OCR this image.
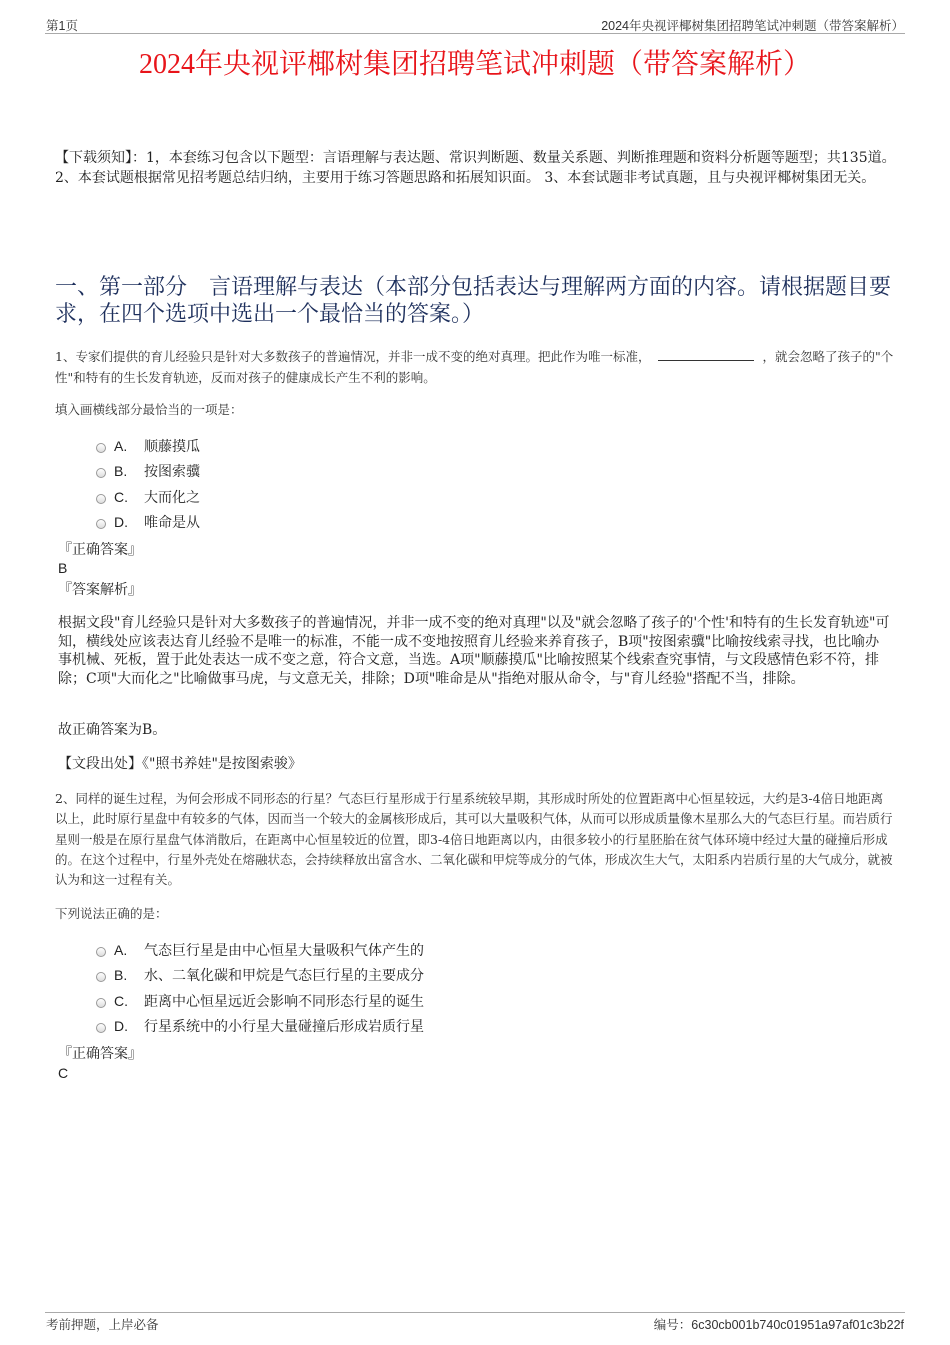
第1页	2024年央视评椰树集团招聘笔试冲刺题（带答案解析）
2024年央视评椰树集团招聘笔试冲刺题（带答案解析）
【下载须知】：1，本套练习包含以下题型：言语理解与表达题、常识判断题、数量关系题、判断推理题和资料分析题等题型；共135道。 2、本套试题根据常见招考题总结归纳，主要用于练习答题思路和拓展知识面。 3、本套试题非考试真题，且与央视评椰树集团无关。
一、第一部分　言语理解与表达（本部分包括表达与理解两方面的内容。请根据题目要求，在四个选项中选出一个最恰当的答案。）
1、专家们提供的育儿经验只是针对大多数孩子的普遍情况，并非一成不变的绝对真理。把此作为唯一标准，	，就会忽略了孩子的"个性"和特有的生长发育轨迹，反而对孩子的健康成长产生不利的影响。
填入画横线部分最恰当的一项是：
A.	顺藤摸瓜
B.	按图索骥
C.	大而化之
D.	唯命是从
『正确答案』
B
『答案解析』
根据文段"育儿经验只是针对大多数孩子的普遍情况，并非一成不变的绝对真理"以及"就会忽略了孩子的'个性'和特有的生长发育轨迹"可知，横线处应该表达育儿经验不是唯一的标准，不能一成不变地按照育儿经验来养育孩子，B项"按图索骥"比喻按线索寻找，也比喻办事机械、死板，置于此处表达一成不变之意，符合文意，当选。A项"顺藤摸瓜"比喻按照某个线索查究事情，与文段感情色彩不符，排除；C项"大而化之"比喻做事马虎，与文意无关，排除；D项"唯命是从"指绝对服从命令，与"育儿经验"搭配不当，排除。
故正确答案为B。
【文段出处】《"照书养娃"是按图索骏》
2、同样的诞生过程，为何会形成不同形态的行星？气态巨行星形成于行星系统较早期，其形成时所处的位置距离中心恒星较远，大约是3-4倍日地距离以上，此时原行星盘中有较多的气体，因而当一个较大的金属核形成后，其可以大量吸积气体，从而可以形成质量像木星那么大的气态巨行星。而岩质行星则一般是在原行星盘气体消散后，在距离中心恒星较近的位置，即3-4倍日地距离以内，由很多较小的行星胚胎在贫气体环境中经过大量的碰撞后形成的。在这个过程中，行星外壳处在熔融状态，会持续释放出富含水、二氧化碳和甲烷等成分的气体，形成次生大气，太阳系内岩质行星的大气成分，就被认为和这一过程有关。
下列说法正确的是：
A.	气态巨行星是由中心恒星大量吸积气体产生的
B.	水、二氧化碳和甲烷是气态巨行星的主要成分
C.	距离中心恒星远近会影响不同形态行星的诞生
D.	行星系统中的小行星大量碰撞后形成岩质行星
『正确答案』
C
考前押题，上岸必备	编号：6c30cb001b740c01951a97af01c3b22f
